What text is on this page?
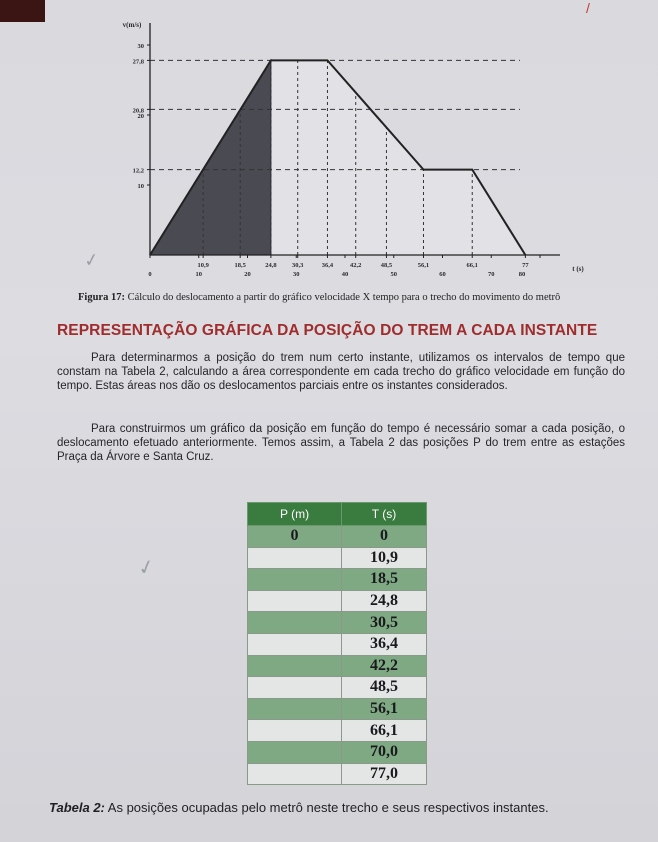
/
v(m/s)
t (s)
30
27,8
20,8
20
12,2
10
0
10,9
10
18,5
20
24,8 30,3
30
36,4	42,2
40
48,5
50
56,1
60
66,1
70
77
80
✓
Figura 17: Cálculo do deslocamento a partir do gráfico velocidade X tempo para o trecho do movimento do metrô
REPRESENTAÇÃO GRÁFICA DA POSIÇÃO DO TREM A CADA INSTANTE
Para determinarmos a posição do trem num certo instante, utilizamos os intervalos de tempo que constam na Tabela 2, calculando a área correspondente em cada trecho do gráfico velocidade em função do tempo. Estas áreas nos dão os deslocamentos parciais entre os instantes considerados.
Para construirmos um gráfico da posição em função do tempo é necessário somar a cada posição, o deslocamento efetuado anteriormente. Temos assim, a Tabela 2 das posições P do trem entre as estações Praça da Árvore e Santa Cruz.
✓
P (m)	T (s)
0	0
	10,9
	18,5
	24,8
	30,5
	36,4
	42,2
	48,5
	56,1
	66,1
	70,0
	77,0
Tabela 2: As posições ocupadas pelo metrô neste trecho e seus respectivos instantes.
